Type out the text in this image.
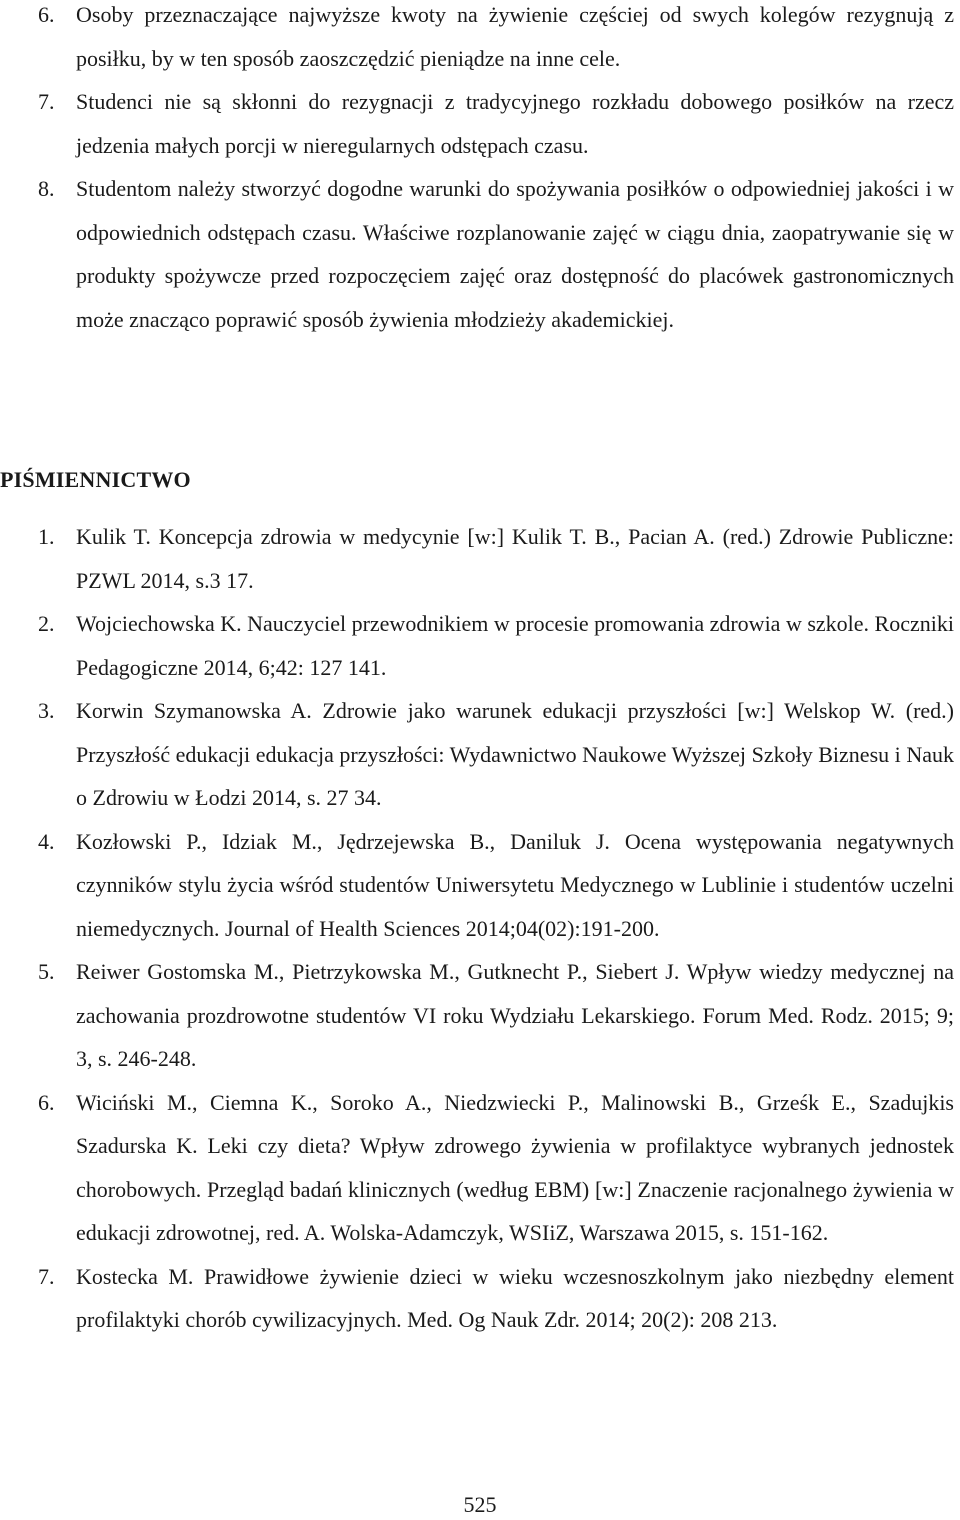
6. Osoby przeznaczające najwyższe kwoty na żywienie częściej od swych kolegów rezygnują z posiłku, by w ten sposób zaoszczędzić pieniądze na inne cele.
7. Studenci nie są skłonni do rezygnacji z tradycyjnego rozkładu dobowego posiłków na rzecz jedzenia małych porcji w nieregularnych odstępach czasu.
8. Studentom należy stworzyć dogodne warunki do spożywania posiłków o odpowiedniej jakości i w odpowiednich odstępach czasu. Właściwe rozplanowanie zajęć w ciągu dnia, zaopatrywanie się w produkty spożywcze przed rozpoczęciem zajęć oraz dostępność do placówek gastronomicznych może znacząco poprawić sposób żywienia młodzieży akademickiej.
PIŚMIENNICTWO
1. Kulik T. Koncepcja zdrowia w medycynie [w:] Kulik T. B., Pacian A. (red.) Zdrowie Publiczne: PZWL 2014, s.3 17.
2. Wojciechowska K. Nauczyciel przewodnikiem w procesie promowania zdrowia w szkole. Roczniki Pedagogiczne 2014, 6;42: 127 141.
3. Korwin Szymanowska A. Zdrowie jako warunek edukacji przyszłości [w:] Welskop W. (red.) Przyszłość edukacji edukacja przyszłości: Wydawnictwo Naukowe Wyższej Szkoły Biznesu i Nauk o Zdrowiu w Łodzi 2014, s. 27 34.
4. Kozłowski P., Idziak M., Jędrzejewska B., Daniluk J. Ocena występowania negatywnych czynników stylu życia wśród studentów Uniwersytetu Medycznego w Lublinie i studentów uczelni niemedycznych. Journal of Health Sciences 2014;04(02):191-200.
5. Reiwer Gostomska M., Pietrzykowska M., Gutknecht P., Siebert J. Wpływ wiedzy medycznej na zachowania prozdrowotne studentów VI roku Wydziału Lekarskiego. Forum Med. Rodz. 2015; 9; 3, s. 246-248.
6. Wiciński M., Ciemna K., Soroko A., Niedzwiecki P., Malinowski B., Grześk E., Szadujkis Szadurska K. Leki czy dieta? Wpływ zdrowego żywienia w profilaktyce wybranych jednostek chorobowych. Przegląd badań klinicznych (według EBM) [w:] Znaczenie racjonalnego żywienia w edukacji zdrowotnej, red. A. Wolska-Adamczyk, WSIiZ, Warszawa 2015, s. 151-162.
7. Kostecka M. Prawidłowe żywienie dzieci w wieku wczesnoszkolnym jako niezbędny element profilaktyki chorób cywilizacyjnych. Med. Og Nauk Zdr. 2014; 20(2): 208 213.
525
